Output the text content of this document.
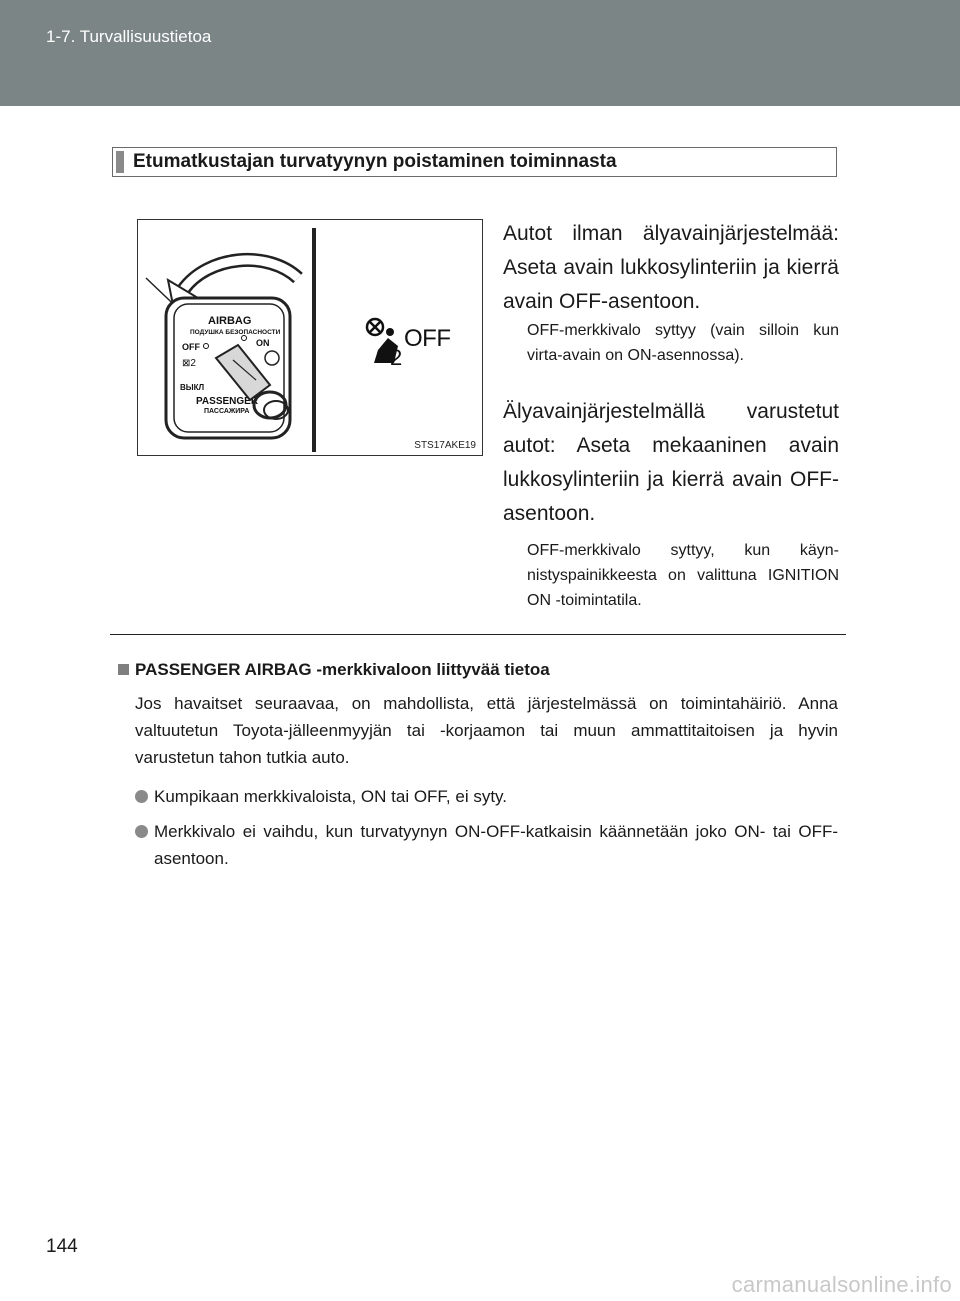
1-7. Turvallisuustietoa
Etumatkustajan turvatyynyn poistaminen toiminnasta
AIRBAG
ПОДУШКА БЕЗОПАСНОСТИ
OFF	ON
⊠2
ВЫКЛ
PASSENGER
ПАССАЖИРА
2
OFF
STS17AKE19

Autot ilman älyavainjärjestelmää: Aseta avain lukkosylinteriin ja kierrä avain OFF-asentoon.

OFF-merkkivalo syttyy (vain silloin kun virta-avain on ON-asennossa).

Älyavainjärjestelmällä varustetut autot: Aseta mekaaninen avain lukkosylinteriin ja kierrä avain OFF-asentoon.

OFF-merkkivalo syttyy, kun käynnistyspainikkeesta on valittuna IGNITION ON -toimintatila.

PASSENGER AIRBAG -merkkivaloon liittyvää tietoa

Jos havaitset seuraavaa, on mahdollista, että järjestelmässä on toimintahäiriö. Anna valtuutetun Toyota-jälleenmyyjän tai -korjaamon tai muun ammattitaitoisen ja hyvin varustetun tahon tutkia auto.

Kumpikaan merkkivaloista, ON tai OFF, ei syty.
Merkkivalo ei vaihdu, kun turvatyynyn ON-OFF-katkaisin käännetään joko ON- tai OFF-asentoon.
144
carmanualsonline.info
